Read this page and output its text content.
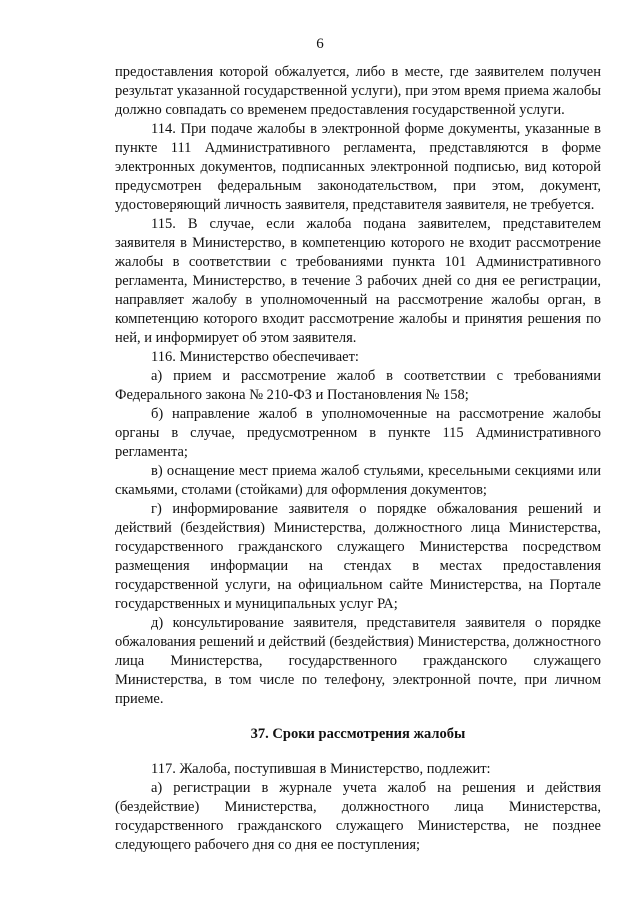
6

предоставления которой обжалуется, либо в месте, где заявителем получен результат указанной государственной услуги), при этом время приема жалобы должно совпадать со временем предоставления государственной услуги.

114. При подаче жалобы в электронной форме документы, указанные в пункте 111 Административного регламента, представляются в форме электронных документов, подписанных электронной подписью, вид которой предусмотрен федеральным законодательством, при этом, документ, удостоверяющий личность заявителя, представителя заявителя, не требуется.

115. В случае, если жалоба подана заявителем, представителем заявителя в Министерство, в компетенцию которого не входит рассмотрение жалобы в соответствии с требованиями пункта 101 Административного регламента, Министерство, в течение 3 рабочих дней со дня ее регистрации, направляет жалобу в уполномоченный на рассмотрение жалобы орган, в компетенцию которого входит рассмотрение жалобы и принятия решения по ней, и информирует об этом заявителя.

116. Министерство обеспечивает:

а) прием и рассмотрение жалоб в соответствии с требованиями Федерального закона № 210-ФЗ и Постановления № 158;

б) направление жалоб в уполномоченные на рассмотрение жалобы органы в случае, предусмотренном в пункте 115 Административного регламента;

в) оснащение мест приема жалоб стульями, кресельными секциями или скамьями, столами (стойками) для оформления документов;

г) информирование заявителя о порядке обжалования решений и действий (бездействия) Министерства, должностного лица Министерства, государственного гражданского служащего Министерства посредством размещения информации на стендах в местах предоставления государственной услуги, на официальном сайте Министерства, на Портале государственных и муниципальных услуг РА;

д) консультирование заявителя, представителя заявителя о порядке обжалования решений и действий (бездействия) Министерства, должностного лица Министерства, государственного гражданского служащего Министерства, в том числе по телефону, электронной почте, при личном приеме.

37. Сроки рассмотрения жалобы

117. Жалоба, поступившая в Министерство, подлежит:

а) регистрации в журнале учета жалоб на решения и действия (бездействие) Министерства, должностного лица Министерства, государственного гражданского служащего Министерства, не позднее следующего рабочего дня со дня ее поступления;
